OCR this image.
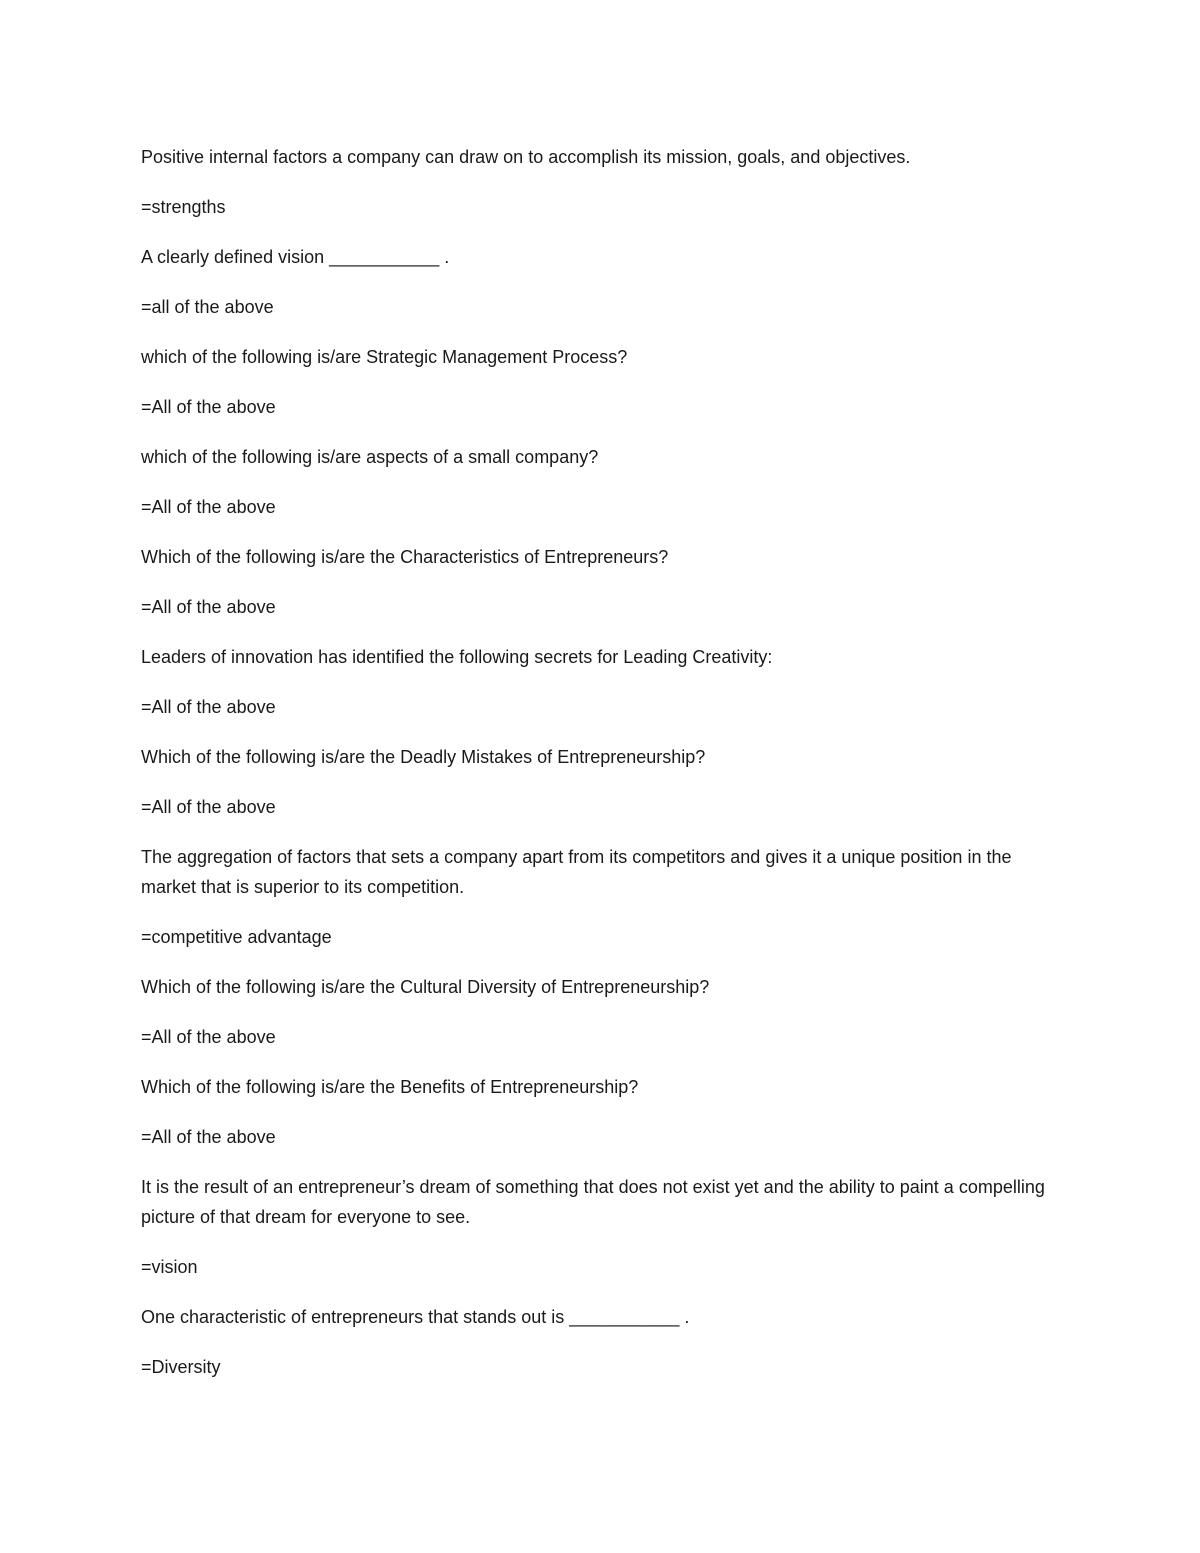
Positive internal factors a company can draw on to accomplish its mission, goals, and objectives.

=strengths

A clearly defined vision ___________ .

=all of the above

which of the following is/are Strategic Management Process?

=All of the above

which of the following is/are aspects of a small company?

=All of the above

Which of the following is/are the Characteristics of Entrepreneurs?

=All of the above

Leaders of innovation has identified the following secrets for Leading Creativity:

=All of the above

Which of the following is/are the Deadly Mistakes of Entrepreneurship?

=All of the above

The aggregation of factors that sets a company apart from its competitors and gives it a unique position in the market that is superior to its competition.

=competitive advantage

Which of the following is/are the Cultural Diversity of Entrepreneurship?

=All of the above

Which of the following is/are the Benefits of Entrepreneurship?

=All of the above

It is the result of an entrepreneur’s dream of something that does not exist yet and the ability to paint a compelling picture of that dream for everyone to see.

=vision

One characteristic of entrepreneurs that stands out is ___________ .

=Diversity
